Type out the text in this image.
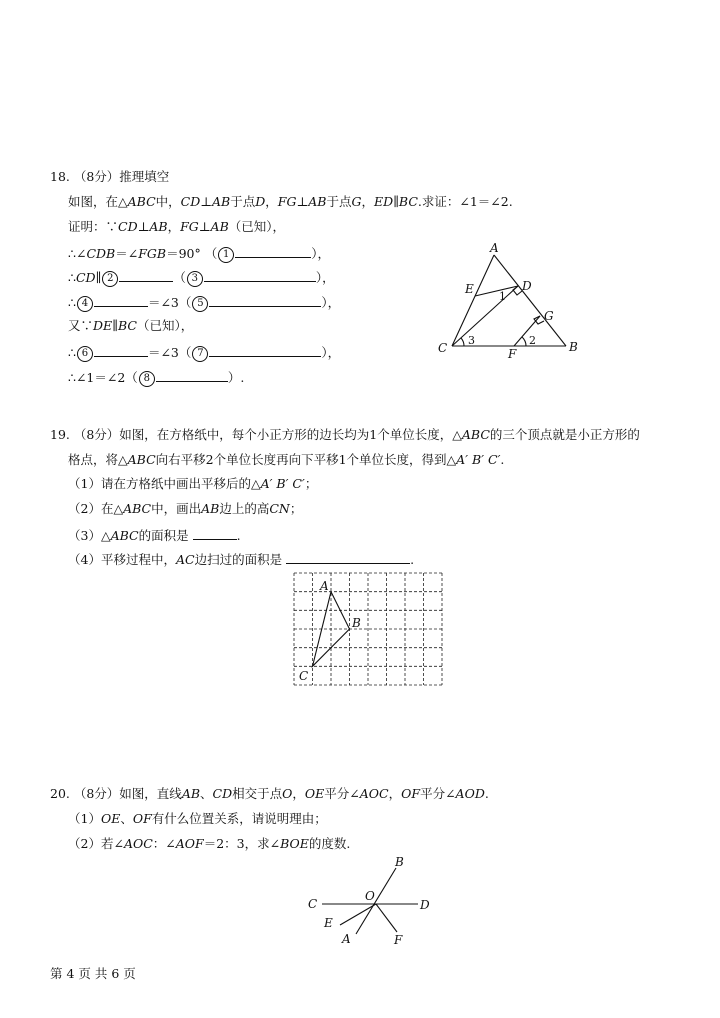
18. （8分）推理填空
如图，在△ABC中，CD⊥AB于点D，FG⊥AB于点G，ED∥BC.求证：∠1＝∠2.
证明：∵CD⊥AB，FG⊥AB（已知），
∴∠CDB＝∠FGB＝90° （ 1	），
∴CD∥ 2	（ 3	），
∴ 4	＝∠3（ 5	），
又∵DE∥BC（已知），
∴ 6	＝∠3（ 7	），
∴∠1＝∠2（ 8	）.
A
E	D
G
C	F	B
1
3	2
19. （8分）如图，在方格纸中，每个小正方形的边长均为1个单位长度，△ABC的三个顶点就是小正方形的
格点，将△ABC向右平移2个单位长度再向下平移1个单位长度，得到△A′ B′ C′.
（1）请在方格纸中画出平移后的△A′ B′ C′；
（2）在△ABC中，画出AB边上的高CN；
（3）△ABC的面积是	.
（4）平移过程中，AC边扫过的面积是	.
A
B
C
20. （8分）如图，直线AB、CD相交于点O，OE平分∠AOC，OF平分∠AOD.
（1）OE、OF有什么位置关系，请说明理由；
（2）若∠AOC：∠AOF＝2：3，求∠BOE的度数.
B
C
O
D
E
A	F
第 4 页 共 6 页
